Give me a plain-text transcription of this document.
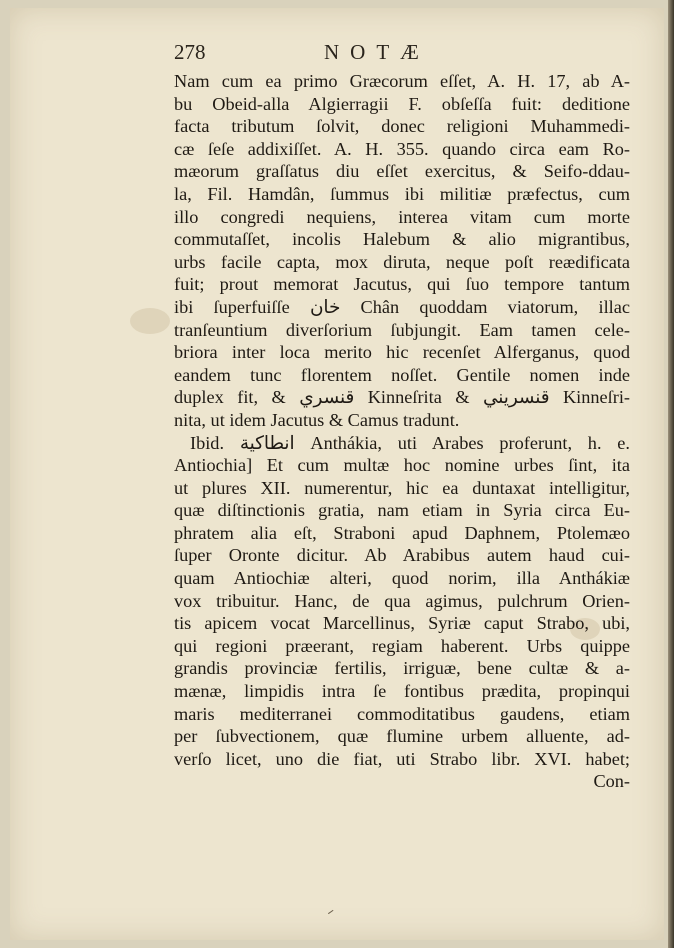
278	NOTÆ
Nam cum ea primo Græcorum eſſet, A. H. 17, ab A-
bu Obeid-alla Algierragii F. obſeſſa fuit: deditione
facta tributum ſolvit, donec religioni Muhammedi-
cæ ſeſe addixiſſet. A. H. 355. quando circa eam Ro-
mæorum graſſatus diu eſſet exercitus, & Seifo-ddau-
la, Fil. Hamdân, ſummus ibi militiæ præfectus, cum
illo congredi nequiens, interea vitam cum morte
commutaſſet, incolis Halebum & alio migrantibus,
urbs facile capta, mox diruta, neque poſt reædificata
fuit; prout memorat Jacutus, qui ſuo tempore tantum
ibi ſuperfuiſſe خان Chân quoddam viatorum, illac
tranſeuntium diverſorium ſubjungit. Eam tamen cele-
briora inter loca merito hic recenſet Alferganus, quod
eandem tunc florentem noſſet. Gentile nomen inde
duplex fit, & قنسري Kinneſrita & قنسريني Kinneſri-
nita, ut idem Jacutus & Camus tradunt.
Ibid. انطاكية Anthákia, uti Arabes proferunt, h. e.
Antiochia] Et cum multæ hoc nomine urbes ſint, ita
ut plures XII. numerentur, hic ea duntaxat intelligitur,
quæ diſtinctionis gratia, nam etiam in Syria circa Eu-
phratem alia eſt, Straboni apud Daphnem, Ptolemæo
ſuper Oronte dicitur. Ab Arabibus autem haud cui-
quam Antiochiæ alteri, quod norim, illa Anthákiæ
vox tribuitur. Hanc, de qua agimus, pulchrum Orien-
tis apicem vocat Marcellinus, Syriæ caput Strabo, ubi,
qui regioni præerant, regiam haberent. Urbs quippe
grandis provinciæ fertilis, irriguæ, bene cultæ & a-
mænæ, limpidis intra ſe fontibus prædita, propinqui
maris mediterranei commoditatibus gaudens, etiam
per ſubvectionem, quæ flumine urbem alluente, ad-
verſo licet, uno die fiat, uti Strabo libr. XVI. habet;
Con-
